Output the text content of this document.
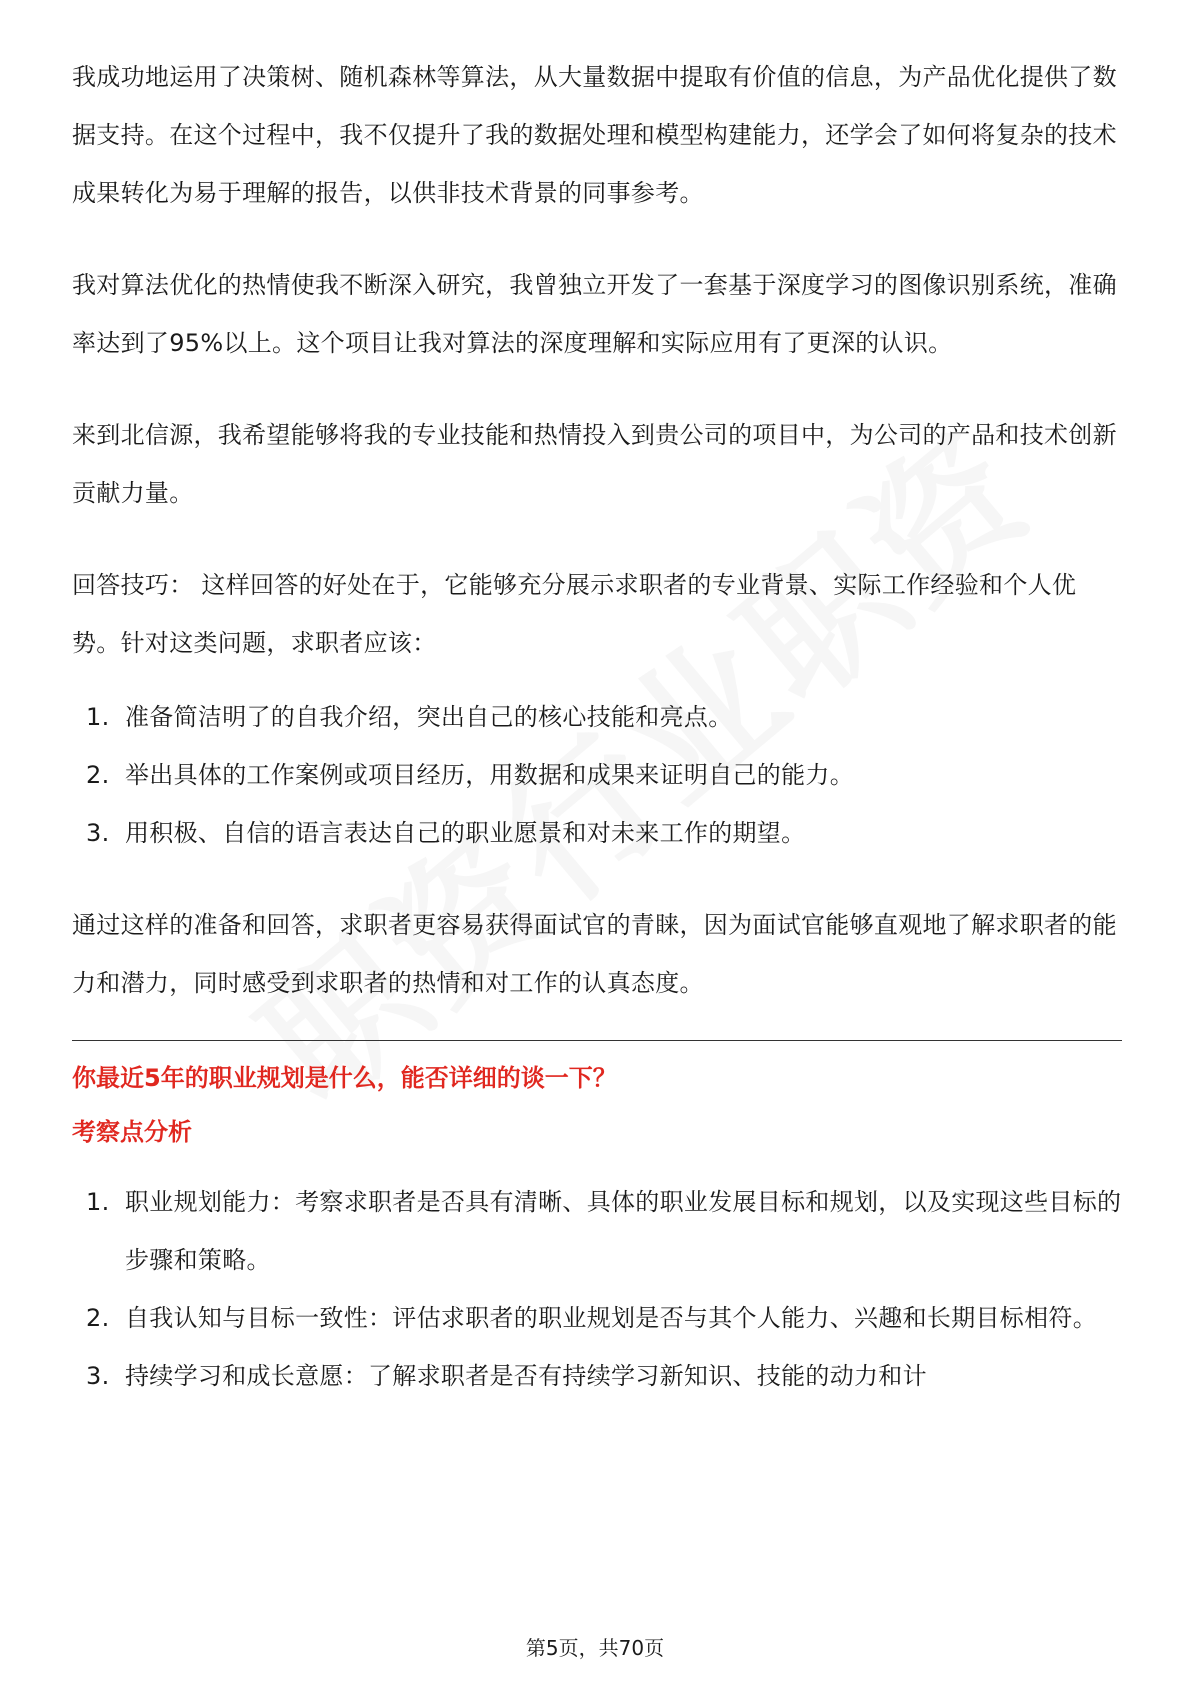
我成功地运用了决策树、随机森林等算法，从大量数据中提取有价值的信息，为产品优化提供了数据支持。在这个过程中，我不仅提升了我的数据处理和模型构建能力，还学会了如何将复杂的技术成果转化为易于理解的报告，以供非技术背景的同事参考。

我对算法优化的热情使我不断深入研究，我曾独立开发了一套基于深度学习的图像识别系统，准确率达到了95%以上。这个项目让我对算法的深度理解和实际应用有了更深的认识。

来到北信源，我希望能够将我的专业技能和热情投入到贵公司的项目中，为公司的产品和技术创新贡献力量。

回答技巧： 这样回答的好处在于，它能够充分展示求职者的专业背景、实际工作经验和个人优势。针对这类问题，求职者应该：

1. 准备简洁明了的自我介绍，突出自己的核心技能和亮点。
2. 举出具体的工作案例或项目经历，用数据和成果来证明自己的能力。
3. 用积极、自信的语言表达自己的职业愿景和对未来工作的期望。

通过这样的准备和回答，求职者更容易获得面试官的青睐，因为面试官能够直观地了解求职者的能力和潜力，同时感受到求职者的热情和对工作的认真态度。

你最近5年的职业规划是什么，能否详细的谈一下？

考察点分析

1. 职业规划能力：考察求职者是否具有清晰、具体的职业发展目标和规划，以及实现这些目标的步骤和策略。
2. 自我认知与目标一致性：评估求职者的职业规划是否与其个人能力、兴趣和长期目标相符。
3. 持续学习和成长意愿：了解求职者是否有持续学习新知识、技能的动力和计
第5页，共70页
